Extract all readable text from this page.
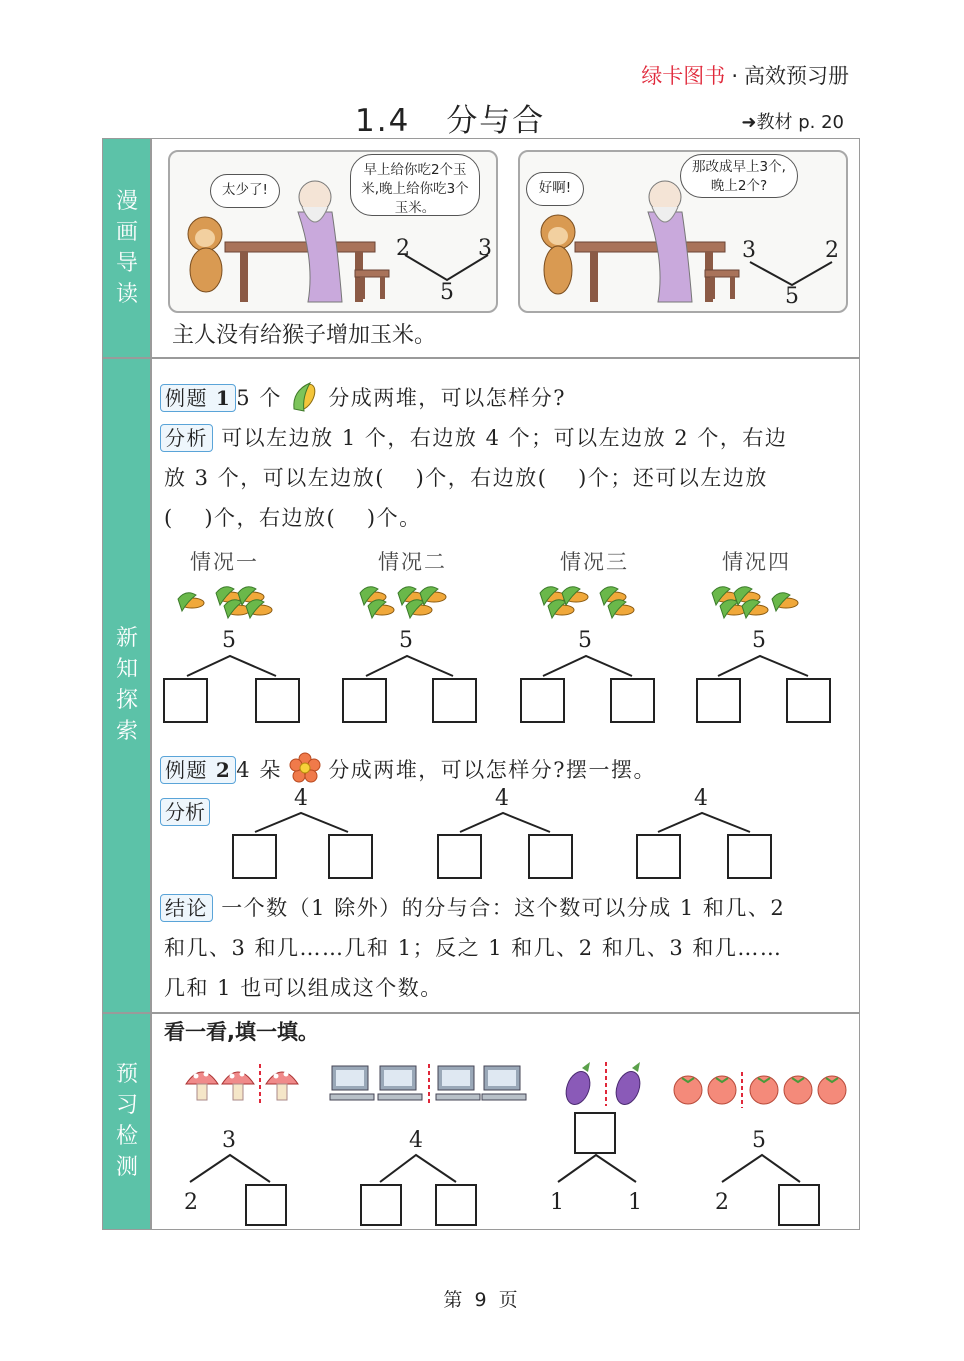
绿卡图书 · 高效预习册
1.4 分与合	➜教材 p. 20
漫
画
导
读
新
知
探
索
预
习
检
测
太少了!
早上给你吃2个玉米,晚上给你吃3个玉米。
2	3
5
好啊!
那改成早上3个,晚上2个?
3	2
5
主人没有给猴子增加玉米。
例题 1 5 个 分成两堆，可以怎样分?
分析 可以左边放 1 个，右边放 4 个；可以左边放 2 个，右边
放 3 个，可以左边放(　 )个，右边放(　 )个；还可以左边放
(　 )个，右边放(　 )个。
情况一	情况二	情况三	情况四
5	5	5	5
例题 2 4 朵 分成两堆，可以怎样分?摆一摆。
分析
4	4	4
结论 一个数（1 除外）的分与合：这个数可以分成 1 和几、2
和几、3 和几……几和 1；反之 1 和几、2 和几、3 和几……
几和 1 也可以组成这个数。
看一看,填一填。
3
2
4
1	1
5
2
第 9 页
